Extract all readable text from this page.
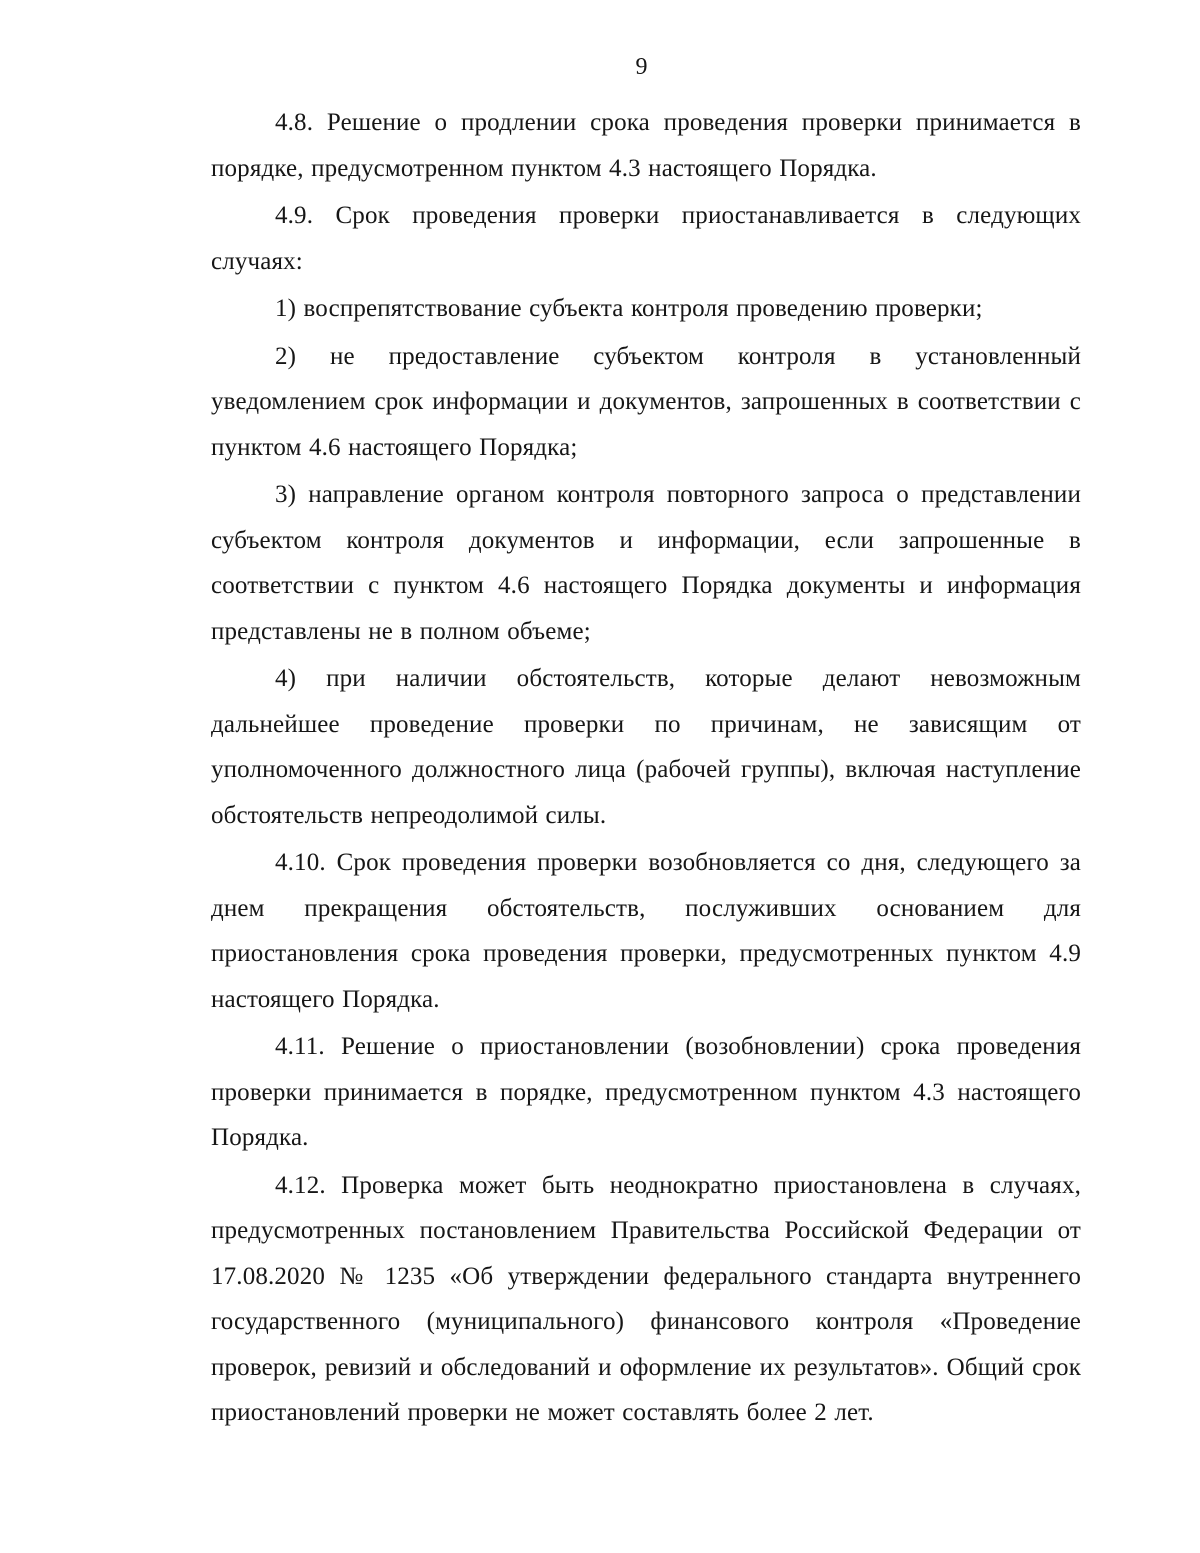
9

4.8. Решение о продлении срока проведения проверки принимается в порядке, предусмотренном пунктом 4.3 настоящего Порядка.

4.9. Срок проведения проверки приостанавливается в следующих случаях:

1) воспрепятствование субъекта контроля проведению проверки;

2) не предоставление субъектом контроля в установленный уведомлением срок информации и документов, запрошенных в соответствии с пунктом 4.6 настоящего Порядка;

3) направление органом контроля повторного запроса о представлении субъектом контроля документов и информации, если запрошенные в соответствии с пунктом 4.6 настоящего Порядка документы и информация представлены не в полном объеме;

4) при наличии обстоятельств, которые делают невозможным дальнейшее проведение проверки по причинам, не зависящим от уполномоченного должностного лица (рабочей группы), включая наступление обстоятельств непреодолимой силы.

4.10. Срок проведения проверки возобновляется со дня, следующего за днем прекращения обстоятельств, послуживших основанием для приостановления срока проведения проверки, предусмотренных пунктом 4.9 настоящего Порядка.

4.11. Решение о приостановлении (возобновлении) срока проведения проверки принимается в порядке, предусмотренном пунктом 4.3 настоящего Порядка.

4.12. Проверка может быть неоднократно приостановлена в случаях, предусмотренных постановлением Правительства Российской Федерации от 17.08.2020 № 1235 «Об утверждении федерального стандарта внутреннего государственного (муниципального) финансового контроля «Проведение проверок, ревизий и обследований и оформление их результатов». Общий срок приостановлений проверки не может составлять более 2 лет.
